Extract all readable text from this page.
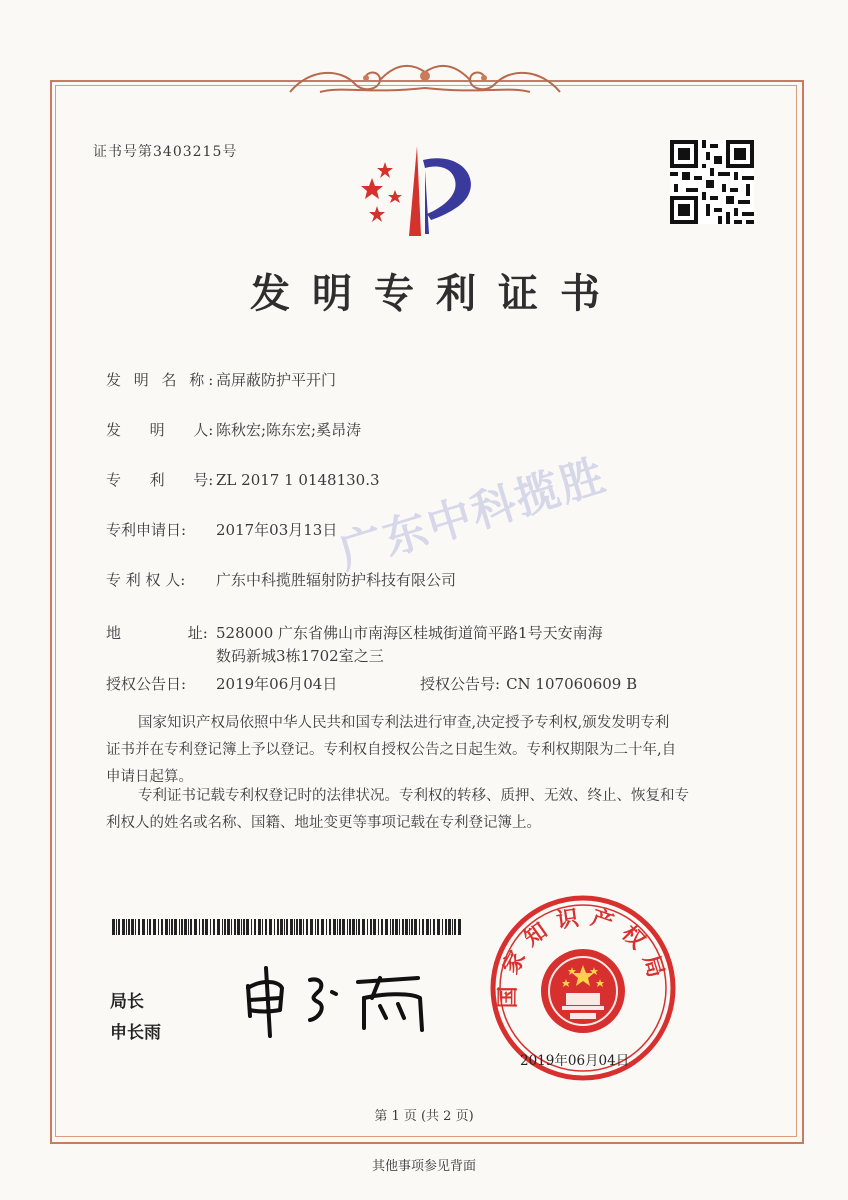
证书号第3403215号
发明专利证书
发 明 名 称:高屏蔽防护平开门
发      明      人: 陈秋宏;陈东宏;奚昂涛
专      利      号: ZL 2017 1 0148130.3
专利申请日: 2017年03月13日
专 利 权 人: 广东中科揽胜辐射防护科技有限公司
地              址: 528000 广东省佛山市南海区桂城街道简平路1号天安南海
数码新城3栋1702室之三
授权公告日: 2019年06月04日	授权公告号: CN 107060609 B
广东中科揽胜
国家知识产权局依照中华人民共和国专利法进行审查,决定授予专利权,颁发发明专利
证书并在专利登记簿上予以登记。专利权自授权公告之日起生效。专利权期限为二十年,自
申请日起算。
专利证书记载专利权登记时的法律状况。专利权的转移、质押、无效、终止、恢复和专
利权人的姓名或名称、国籍、地址变更等事项记载在专利登记簿上。
局长
申长雨
国家知识产权局
2019年06月04日
第 1 页 (共 2 页)
其他事项参见背面
